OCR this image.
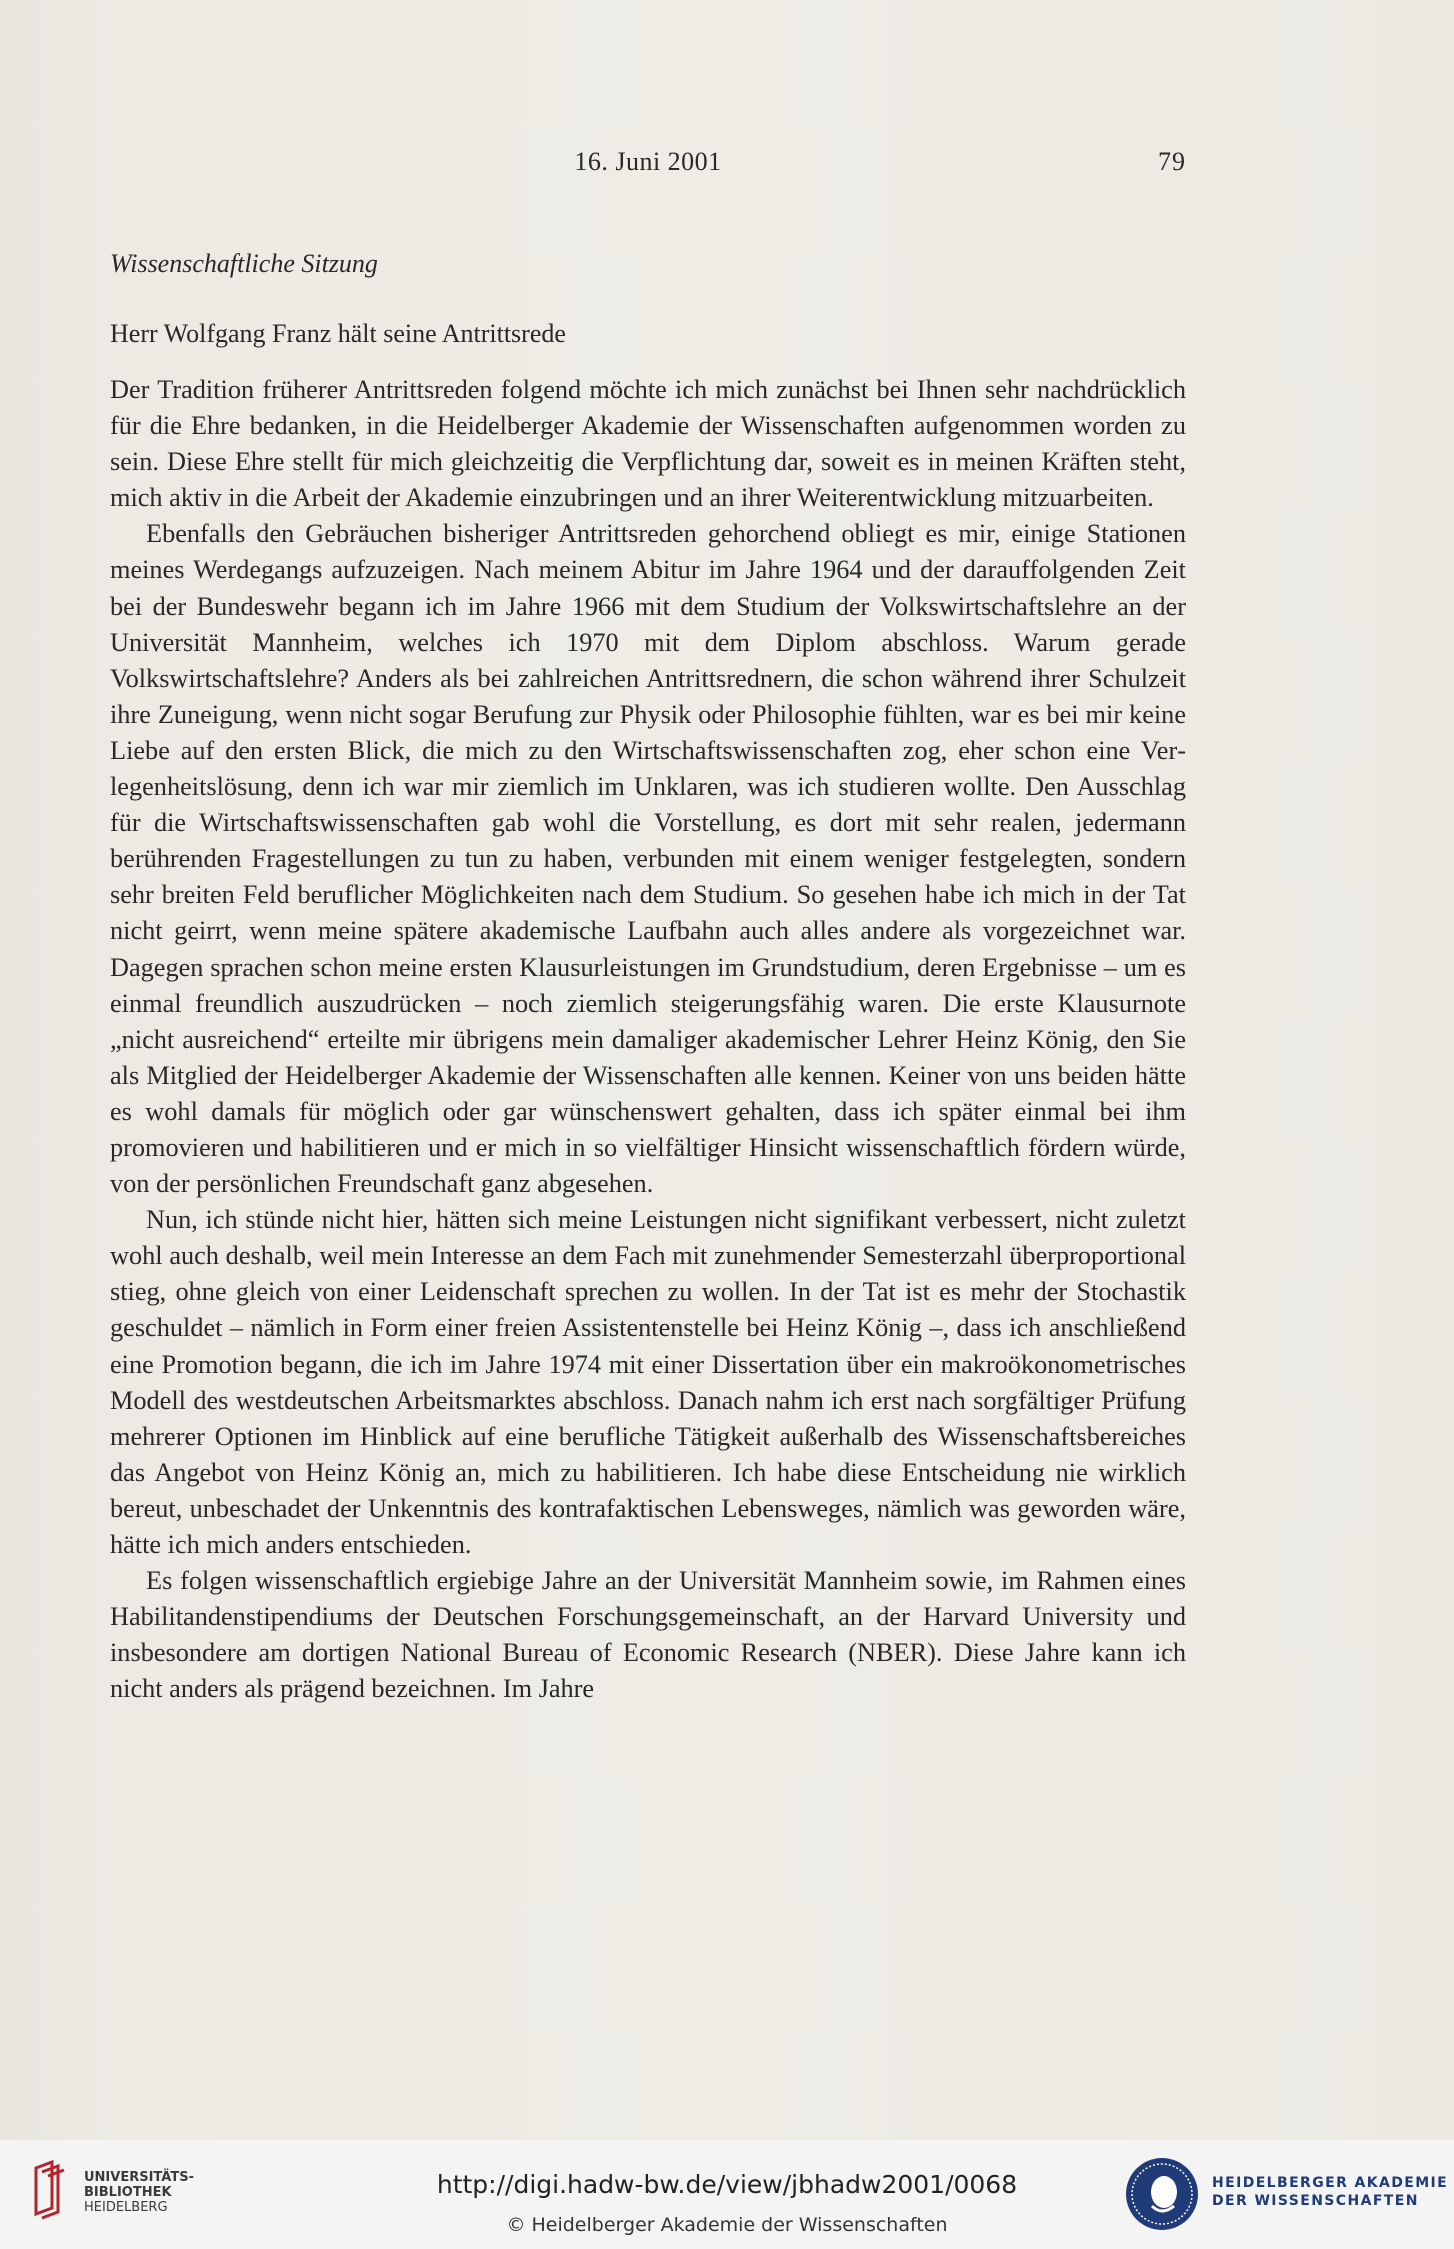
16. Juni 2001	79
Wissenschaftliche Sitzung
Herr Wolfgang Franz hält seine Antrittsrede

Der Tradition früherer Antrittsreden folgend möchte ich mich zunächst bei Ihnen sehr nachdrücklich für die Ehre bedanken, in die Heidelberger Akademie der Wissenschaften aufgenommen worden zu sein. Diese Ehre stellt für mich gleichzeitig die Verpflichtung dar, soweit es in meinen Kräften steht, mich aktiv in die Arbeit der Akademie einzubringen und an ihrer Weiterentwicklung mitzuarbeiten.

Ebenfalls den Gebräuchen bisheriger Antrittsreden gehorchend obliegt es mir, einige Stationen meines Werdegangs aufzuzeigen. Nach meinem Abitur im Jahre 1964 und der darauffolgenden Zeit bei der Bundeswehr begann ich im Jahre 1966 mit dem Studium der Volkswirtschaftslehre an der Universität Mannheim, welches ich 1970 mit dem Diplom abschloss. Warum gerade Volkswirtschaftslehre? Anders als bei zahlreichen Antrittsrednern, die schon während ihrer Schulzeit ihre Zuneigung, wenn nicht sogar Berufung zur Physik oder Philosophie fühlten, war es bei mir keine Liebe auf den ersten Blick, die mich zu den Wirtschaftswissenschaften zog, eher schon eine Verlegenheitslösung, denn ich war mir ziemlich im Unklaren, was ich studieren wollte. Den Ausschlag für die Wirtschaftswissenschaften gab wohl die Vorstellung, es dort mit sehr realen, jedermann berührenden Fragestellungen zu tun zu haben, verbunden mit einem weniger festgelegten, sondern sehr breiten Feld beruflicher Möglichkeiten nach dem Studium. So gesehen habe ich mich in der Tat nicht geirrt, wenn meine spätere akademische Laufbahn auch alles andere als vorgezeichnet war. Dagegen sprachen schon meine ersten Klausurleistungen im Grundstudium, deren Ergebnisse – um es einmal freundlich auszudrücken – noch ziemlich steigerungsfähig waren. Die erste Klausurnote „nicht ausreichend“ erteilte mir übrigens mein damaliger akademischer Lehrer Heinz König, den Sie als Mitglied der Heidelberger Akademie der Wissenschaften alle kennen. Keiner von uns beiden hätte es wohl damals für möglich oder gar wünschenswert gehalten, dass ich später einmal bei ihm promovieren und habilitieren und er mich in so vielfältiger Hinsicht wissenschaftlich fördern würde, von der persönlichen Freundschaft ganz abgesehen.

Nun, ich stünde nicht hier, hätten sich meine Leistungen nicht signifikant verbessert, nicht zuletzt wohl auch deshalb, weil mein Interesse an dem Fach mit zunehmender Semesterzahl überproportional stieg, ohne gleich von einer Leidenschaft sprechen zu wollen. In der Tat ist es mehr der Stochastik geschuldet – nämlich in Form einer freien Assistentenstelle bei Heinz König –, dass ich anschließend eine Promotion begann, die ich im Jahre 1974 mit einer Dissertation über ein makroökonometrisches Modell des westdeutschen Arbeitsmarktes abschloss. Danach nahm ich erst nach sorgfältiger Prüfung mehrerer Optionen im Hinblick auf eine berufliche Tätigkeit außerhalb des Wissenschaftsbereiches das Angebot von Heinz König an, mich zu habilitieren. Ich habe diese Entscheidung nie wirklich bereut, unbeschadet der Unkenntnis des kontrafaktischen Lebensweges, nämlich was geworden wäre, hätte ich mich anders entschieden.

Es folgen wissenschaftlich ergiebige Jahre an der Universität Mannheim sowie, im Rahmen eines Habilitandenstipendiums der Deutschen Forschungsgemeinschaft, an der Harvard University und insbesondere am dortigen National Bureau of Economic Research (NBER). Diese Jahre kann ich nicht anders als prägend bezeichnen. Im Jahre

UNIVERSITÄTS-
BIBLIOTHEK
HEIDELBERG
http://digi.hadw-bw.de/view/jbhadw2001/0068
© Heidelberger Akademie der Wissenschaften
HEIDELBERGER AKADEMIE
DER WISSENSCHAFTEN
